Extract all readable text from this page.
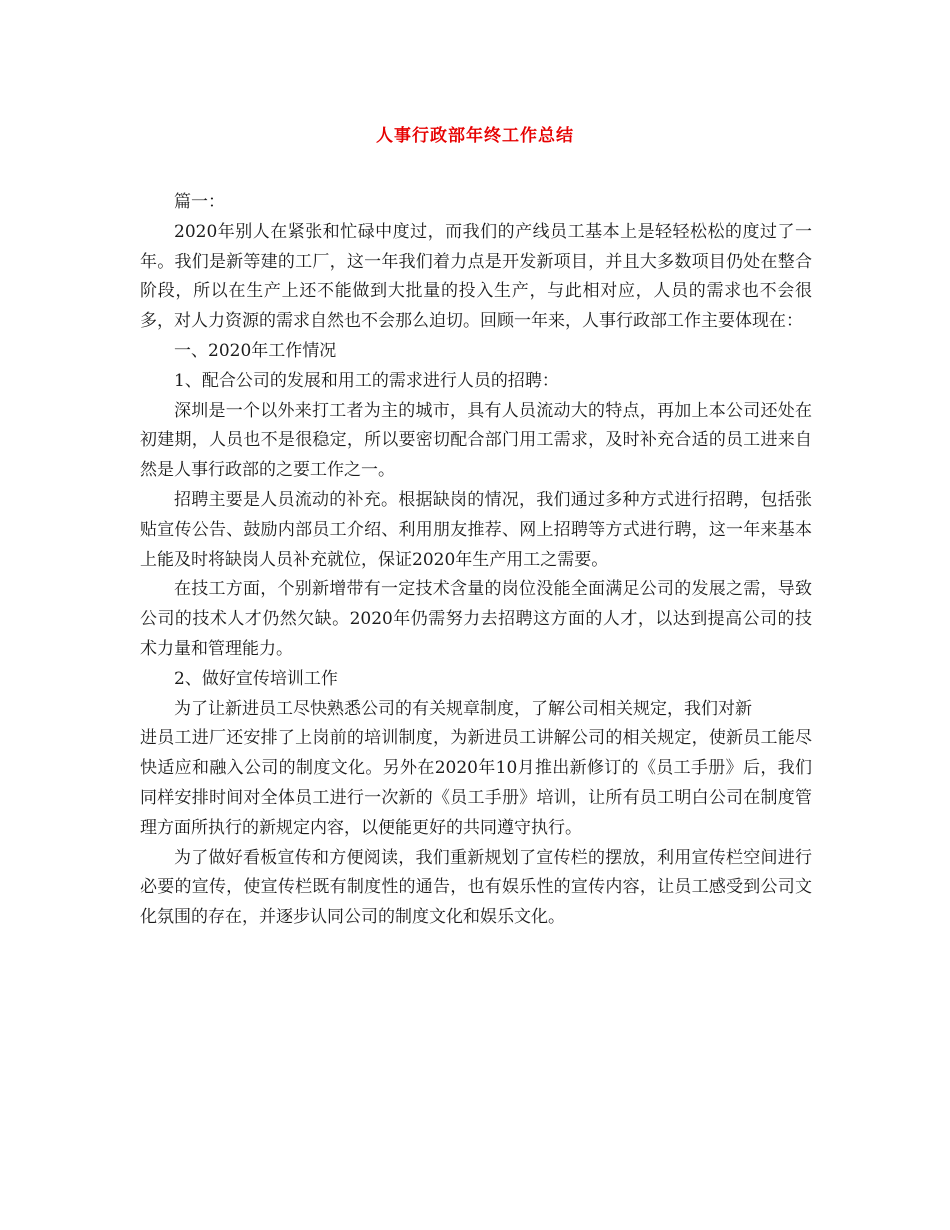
人事行政部年终工作总结

篇一：

2020年别人在紧张和忙碌中度过，而我们的产线员工基本上是轻轻松松的度过了一年。我们是新等建的工厂，这一年我们着力点是开发新项目，并且大多数项目仍处在整合阶段，所以在生产上还不能做到大批量的投入生产，与此相对应，人员的需求也不会很多，对人力资源的需求自然也不会那么迫切。回顾一年来，人事行政部工作主要体现在：

一、2020年工作情况

1、配合公司的发展和用工的需求进行人员的招聘：

深圳是一个以外来打工者为主的城市，具有人员流动大的特点，再加上本公司还处在初建期，人员也不是很稳定，所以要密切配合部门用工需求，及时补充合适的员工进来自然是人事行政部的之要工作之一。

招聘主要是人员流动的补充。根据缺岗的情况，我们通过多种方式进行招聘，包括张贴宣传公告、鼓励内部员工介绍、利用朋友推荐、网上招聘等方式进行聘，这一年来基本上能及时将缺岗人员补充就位，保证2020年生产用工之需要。

在技工方面，个别新增带有一定技术含量的岗位没能全面满足公司的发展之需，导致公司的技术人才仍然欠缺。2020年仍需努力去招聘这方面的人才，以达到提高公司的技术力量和管理能力。

2、做好宣传培训工作

为了让新进员工尽快熟悉公司的有关规章制度，了解公司相关规定，我们对新

进员工进厂还安排了上岗前的培训制度，为新进员工讲解公司的相关规定，使新员工能尽快适应和融入公司的制度文化。另外在2020年10月推出新修订的《员工手册》后，我们同样安排时间对全体员工进行一次新的《员工手册》培训，让所有员工明白公司在制度管理方面所执行的新规定内容，以便能更好的共同遵守执行。

为了做好看板宣传和方便阅读，我们重新规划了宣传栏的摆放，利用宣传栏空间进行必要的宣传，使宣传栏既有制度性的通告，也有娱乐性的宣传内容，让员工感受到公司文化氛围的存在，并逐步认同公司的制度文化和娱乐文化。
